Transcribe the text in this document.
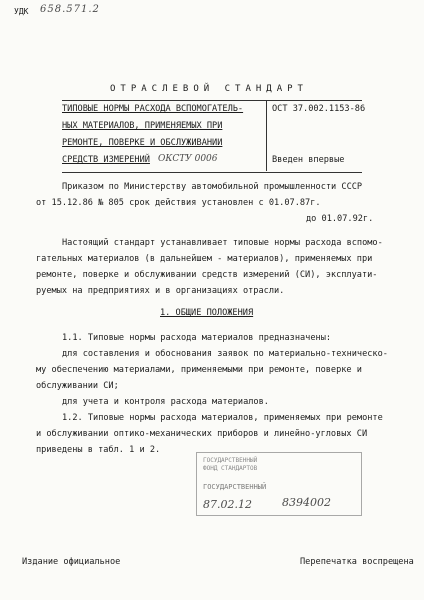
УДК 658.571.2
ОТРАСЛЕВОЙ СТАНДАРТ
ТИПОВЫЕ НОРМЫ РАСХОДА ВСПОМОГАТЕЛЬ-
НЫХ МАТЕРИАЛОВ, ПРИМЕНЯЕМЫХ ПРИ
РЕМОНТЕ, ПОВЕРКЕ И ОБСЛУЖИВАНИИ
СРЕДСТВ ИЗМЕРЕНИЙ ОКСТУ 0006
ОСТ 37.002.1153-86
Введен впервые
Приказом по Министерству автомобильной промышленности СССР
от 15.12.86 № 805 срок действия установлен с 01.07.87г.
до 01.07.92г.
Настоящий стандарт устанавливает типовые нормы расхода вспомо-
гательных материалов (в дальнейшем - материалов), применяемых при
ремонте, поверке и обслуживании средств измерений (СИ), эксплуати-
руемых на предприятиях и в организациях отрасли.
1. ОБЩИЕ ПОЛОЖЕНИЯ
1.1. Типовые нормы расхода материалов предназначены:
для составления и обоснования заявок по материально-техническо-
му обеспечению материалами, применяемыми при ремонте, поверке и
обслуживании СИ;
для учета и контроля расхода материалов.
1.2. Типовые нормы расхода материалов, применяемых при ремонте
и обслуживании оптико-механических приборов и линейно-угловых СИ
приведены в табл. 1 и 2.
ГОСУДАРСТВЕННЫЙ
ФОНД СТАНДАРТОВ
ГОСУДАРСТВЕННЫЙ
87.02.12	8394002
Издание официальное	Перепечатка воспрещена
